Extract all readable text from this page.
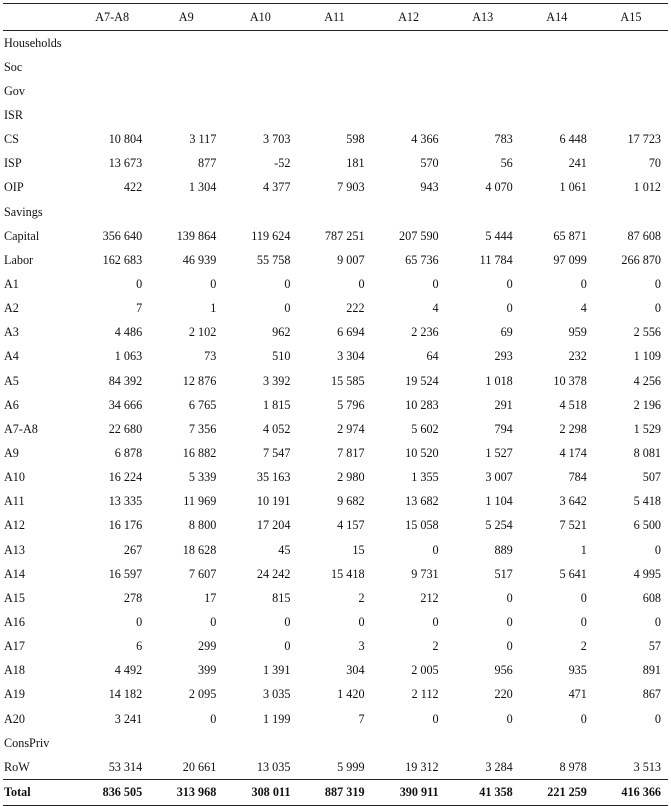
	A7-A8	A9	A10	A11	A12	A13	A14	A15
Households								
Soc								
Gov								
ISR								
CS	10 804	3 117	3 703	598	4 366	783	6 448	17 723
ISP	13 673	877	-52	181	570	56	241	70
OIP	422	1 304	4 377	7 903	943	4 070	1 061	1 012
Savings								
Capital	356 640	139 864	119 624	787 251	207 590	5 444	65 871	87 608
Labor	162 683	46 939	55 758	9 007	65 736	11 784	97 099	266 870
A1	0	0	0	0	0	0	0	0
A2	7	1	0	222	4	0	4	0
A3	4 486	2 102	962	6 694	2 236	69	959	2 556
A4	1 063	73	510	3 304	64	293	232	1 109
A5	84 392	12 876	3 392	15 585	19 524	1 018	10 378	4 256
A6	34 666	6 765	1 815	5 796	10 283	291	4 518	2 196
A7-A8	22 680	7 356	4 052	2 974	5 602	794	2 298	1 529
A9	6 878	16 882	7 547	7 817	10 520	1 527	4 174	8 081
A10	16 224	5 339	35 163	2 980	1 355	3 007	784	507
A11	13 335	11 969	10 191	9 682	13 682	1 104	3 642	5 418
A12	16 176	8 800	17 204	4 157	15 058	5 254	7 521	6 500
A13	267	18 628	45	15	0	889	1	0
A14	16 597	7 607	24 242	15 418	9 731	517	5 641	4 995
A15	278	17	815	2	212	0	0	608
A16	0	0	0	0	0	0	0	0
A17	6	299	0	3	2	0	2	57
A18	4 492	399	1 391	304	2 005	956	935	891
A19	14 182	2 095	3 035	1 420	2 112	220	471	867
A20	3 241	0	1 199	7	0	0	0	0
ConsPriv								
RoW	53 314	20 661	13 035	5 999	19 312	3 284	8 978	3 513
Total	836 505	313 968	308 011	887 319	390 911	41 358	221 259	416 366
